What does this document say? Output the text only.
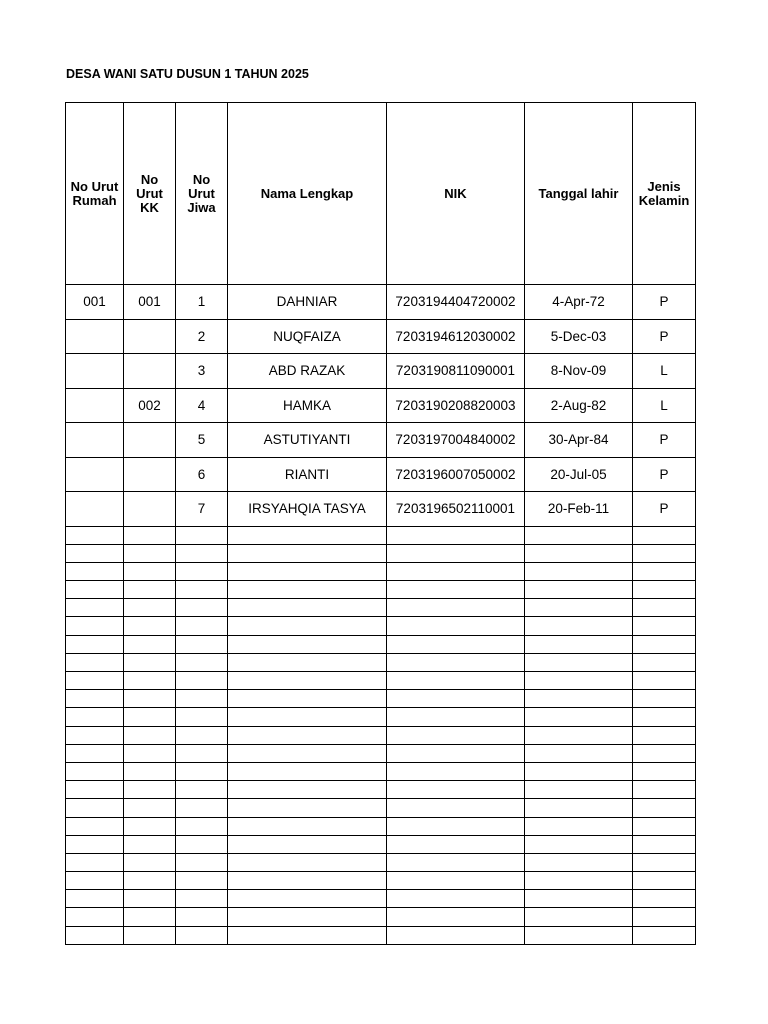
DESA WANI SATU DUSUN 1 TAHUN 2025
No Urut Rumah	No Urut KK	No Urut Jiwa	Nama Lengkap	NIK	Tanggal lahir	Jenis Kelamin
001	001	1	DAHNIAR	7203194404720002	4-Apr-72	P
		2	NUQFAIZA	7203194612030002	5-Dec-03	P
		3	ABD RAZAK	7203190811090001	8-Nov-09	L
	002	4	HAMKA	7203190208820003	2-Aug-82	L
		5	ASTUTIYANTI	7203197004840002	30-Apr-84	P
		6	RIANTI	7203196007050002	20-Jul-05	P
		7	IRSYAHQIA TASYA	7203196502110001	20-Feb-11	P
